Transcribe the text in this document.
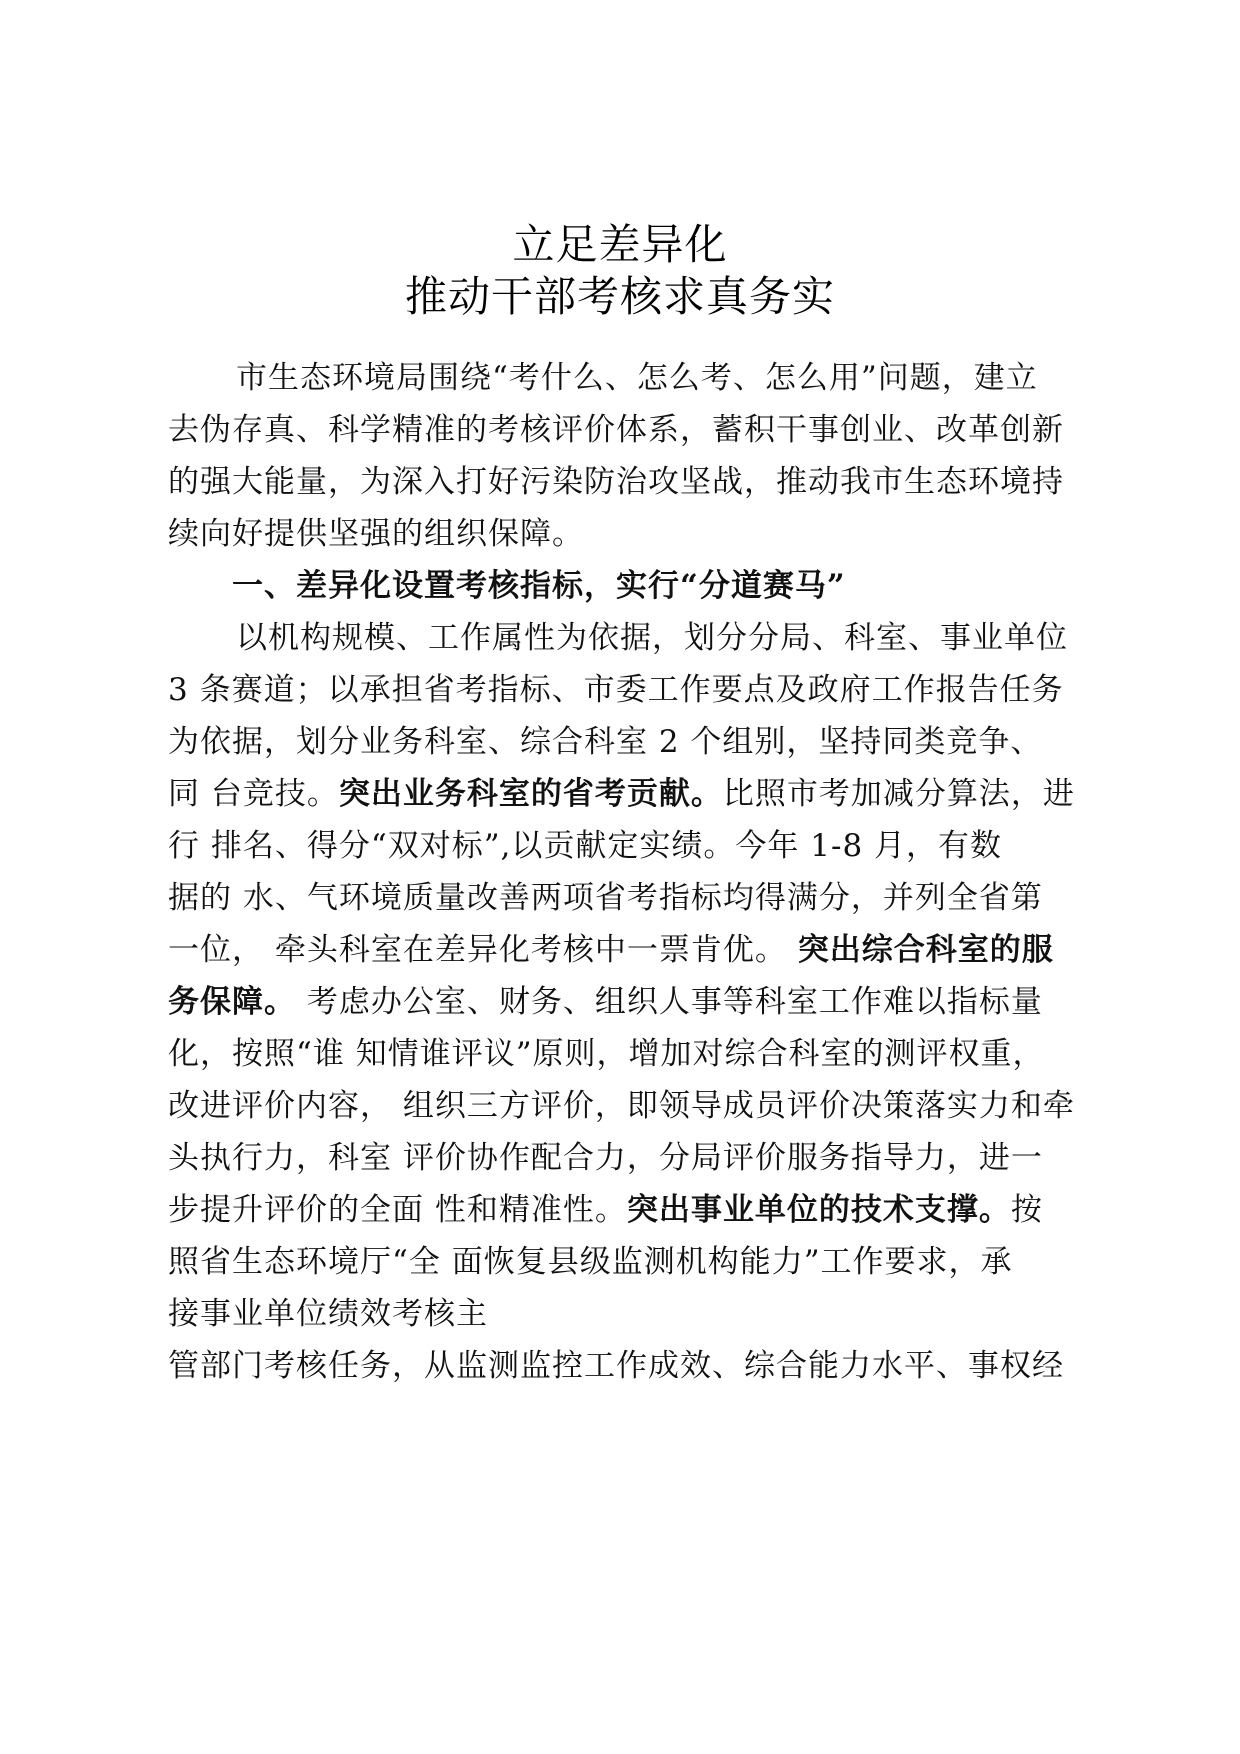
立足差异化
推动干部考核求真务实
市生态环境局围绕“考什么、怎么考、怎么用”问题，建立
去伪存真、科学精准的考核评价体系，蓄积干事创业、改革创新
的强大能量，为深入打好污染防治攻坚战，推动我市生态环境持
续向好提供坚强的组织保障。
一、差异化设置考核指标，实行“分道赛马”
以机构规模、工作属性为依据，划分分局、科室、事业单位
3 条赛道；以承担省考指标、市委工作要点及政府工作报告任务
为依据，划分业务科室、综合科室 2 个组别，坚持同类竞争、
同 台竞技。突出业务科室的省考贡献。比照市考加减分算法，进
行 排名、得分“双对标”,以贡献定实绩。今年 1-8 月，有数
据的 水、气环境质量改善两项省考指标均得满分，并列全省第
一位， 牵头科室在差异化考核中一票肯优。 突出综合科室的服
务保障。 考虑办公室、财务、组织人事等科室工作难以指标量
化，按照“谁 知情谁评议”原则，增加对综合科室的测评权重，
改进评价内容， 组织三方评价，即领导成员评价决策落实力和牵
头执行力，科室 评价协作配合力，分局评价服务指导力，进一
步提升评价的全面 性和精准性。突出事业单位的技术支撑。按
照省生态环境厅“全 面恢复县级监测机构能力”工作要求，承
接事业单位绩效考核主
管部门考核任务，从监测监控工作成效、综合能力水平、事权经
